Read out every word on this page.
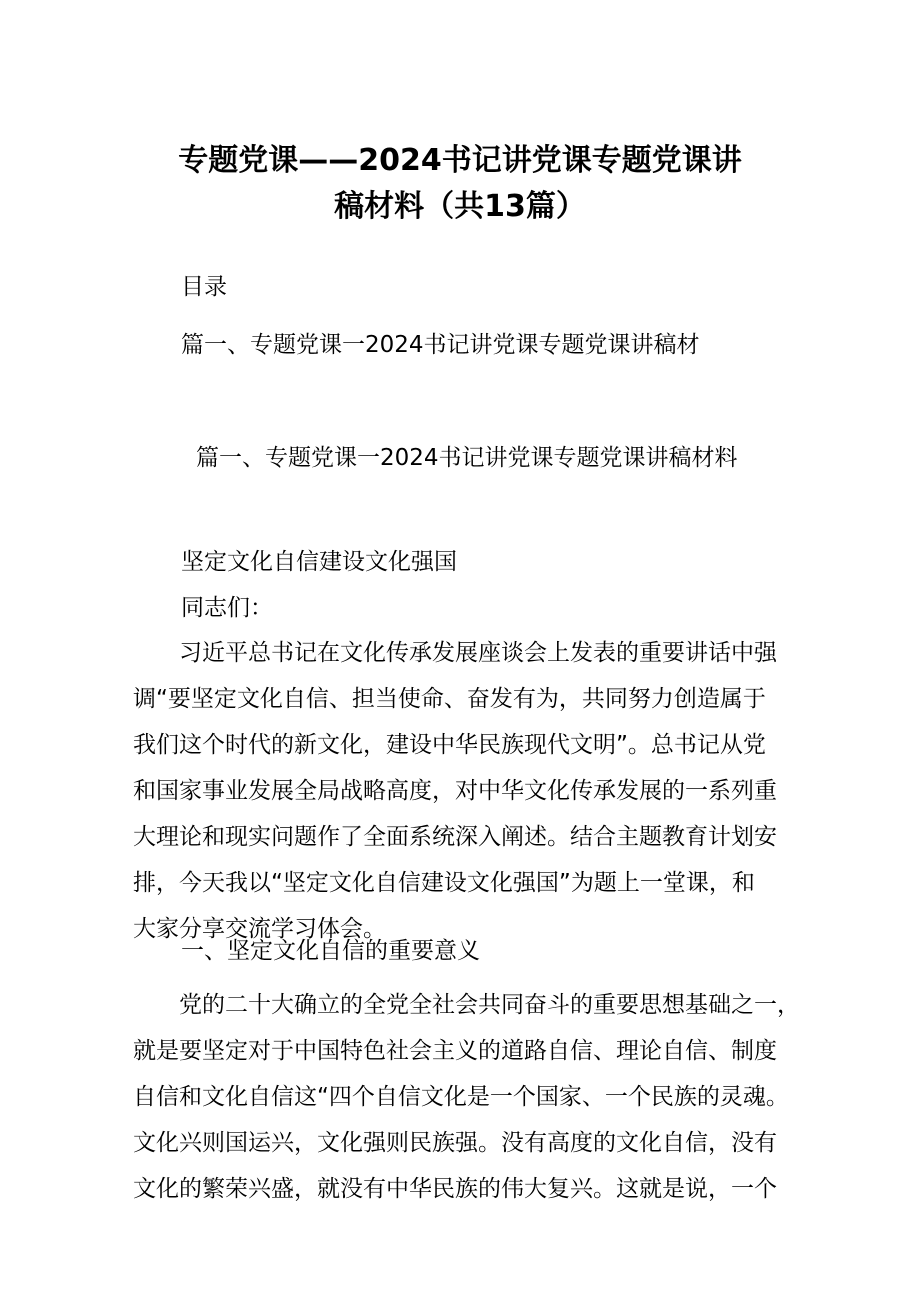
专题党课——2024书记讲党课专题党课讲
稿材料（共13篇）
目录
篇一、专题党课一2024书记讲党课专题党课讲稿材
篇一、专题党课一2024书记讲党课专题党课讲稿材料
坚定文化自信建设文化强国
同志们：
习近平总书记在文化传承发展座谈会上发表的重要讲话中强
调“要坚定文化自信、担当使命、奋发有为，共同努力创造属于
我们这个时代的新文化，建设中华民族现代文明”。总书记从党
和国家事业发展全局战略高度，对中华文化传承发展的一系列重
大理论和现实问题作了全面系统深入阐述。结合主题教育计划安
排，今天我以“坚定文化自信建设文化强国”为题上一堂课，和
大家分享交流学习体会。
一、坚定文化自信的重要意义
党的二十大确立的全党全社会共同奋斗的重要思想基础之一，
就是要坚定对于中国特色社会主义的道路自信、理论自信、制度
自信和文化自信这“四个自信文化是一个国家、一个民族的灵魂。
文化兴则国运兴，文化强则民族强。没有高度的文化自信，没有
文化的繁荣兴盛，就没有中华民族的伟大复兴。这就是说，一个
